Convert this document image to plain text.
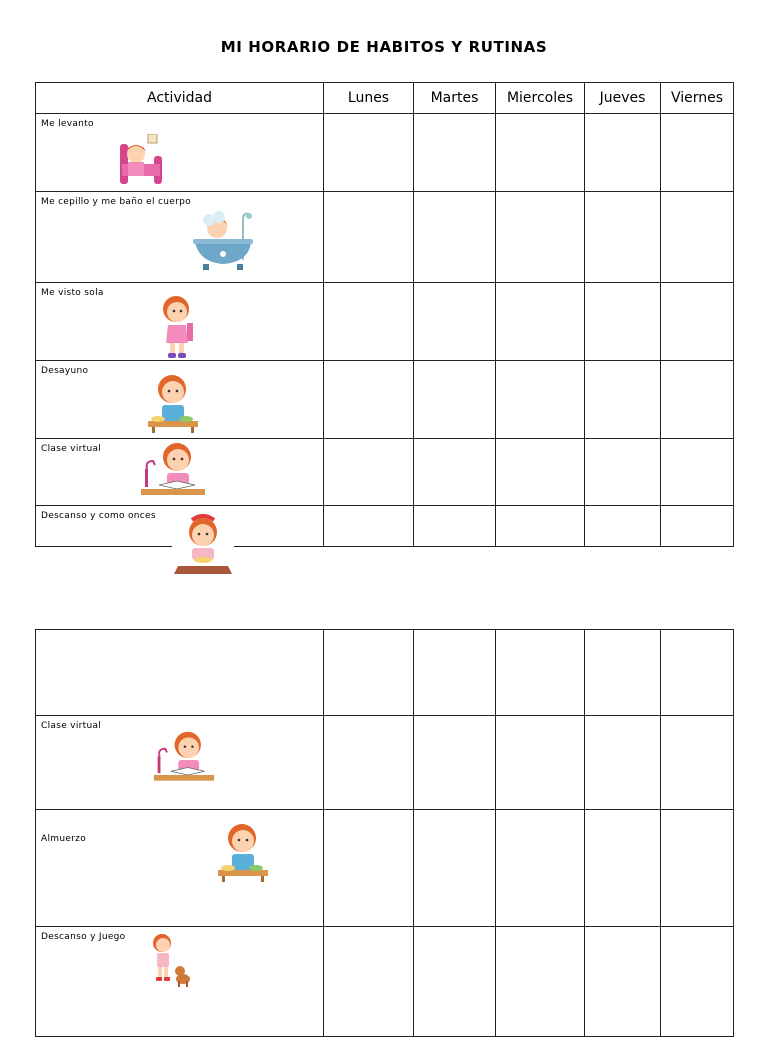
MI HORARIO DE HABITOS Y RUTINAS
Actividad	Lunes	Martes	Miercoles	Jueves	Viernes

Me levanto					

Me cepillo y me baño el cuerpo					

Me visto sola					

Desayuno					

Clase virtual					

Descanso y como onces					

Clase virtual					

Almuerzo					

Descanso y Juego					
